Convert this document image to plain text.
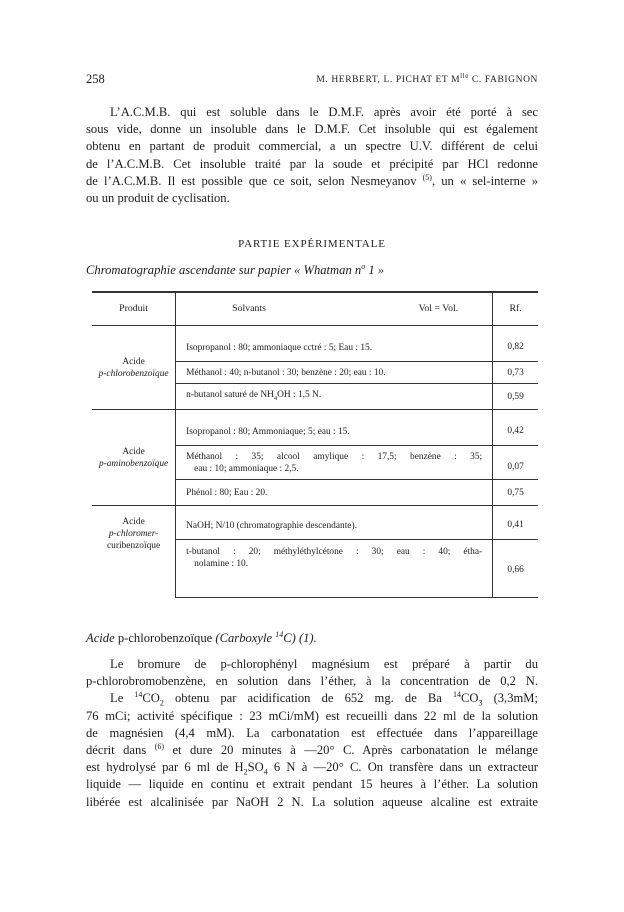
258	M. HERBERT, L. PICHAT ET $M^{lle}$ C. FABIGNON
L’A.C.M.B. qui est soluble dans le D.M.F. après avoir été porté à sec
sous vide, donne un insoluble dans le D.M.F. Cet insoluble qui est également
obtenu en partant de produit commercial, a un spectre U.V. différent de celui
de l’A.C.M.B. Cet insoluble traité par la soude et précipité par HCl redonne
de l’A.C.M.B. Il est possible que ce soit, selon Nesmeyanov $^{(5)}$, un « sel-interne »
ou un produit de cyclisation.
PARTIE EXPÉRIMENTALE
Chromatographie ascendante sur papier « Whatman $n^o$ 1 »
Produit	Solvants Vol = Vol.	Rf.
Acide
p-chlorobenzoïque	Isopropanol : 80; ammoniaque cctré : 5; Eau : 15.	0,82
	Méthanol : 40; n-butanol : 30; benzène : 20; eau : 10.	0,73
	n-butanol saturé de $NH_4OH$ : 1,5 N.	0,59
Acide
p-aminobenzoïque	Isopropanol : 80; Ammoniaque; 5; eau : 15.	0,42

	Méthanol : 35; alcool amylique : 17,5; benzène : 35;
eau : 10; ammoniaque : 2,5.	0,07
	Phénol : 80; Eau : 20.	0,75
Acide
p-chloromer-
curibenzoïque	NaOH; N/10 (chromatographie descendante).	0,41

	t-butanol : 20; méthyléthylcétone : 30; eau : 40; étha-
nolamine : 10.	0,66
Acide p-chlorobenzoïque (Carboxyle $^{14}$C) (1).
Le bromure de p-chlorophényl magnésium est préparé à partir du
p-chlorobromobenzène, en solution dans l’éther, à la concentration de 0,2 N.
Le $^{14}CO_2$ obtenu par acidification de 652 mg. de Ba $^{14}CO_3$ (3,3mM;
76 mCi; activité spécifique : 23 mCi/mM) est recueilli dans 22 ml de la solution
de magnésien (4,4 mM). La carbonatation est effectuée dans l’appareillage
décrit dans $^{(6)}$ et dure 20 minutes à —20° C. Après carbonatation le mélange
est hydrolysé par 6 ml de $H_2SO_4$ 6 N à —20° C. On transfère dans un extracteur
liquide — liquide en continu et extrait pendant 15 heures à l’éther. La solution
libérée est alcalinisée par NaOH 2 N. La solution aqueuse alcaline est extraite
